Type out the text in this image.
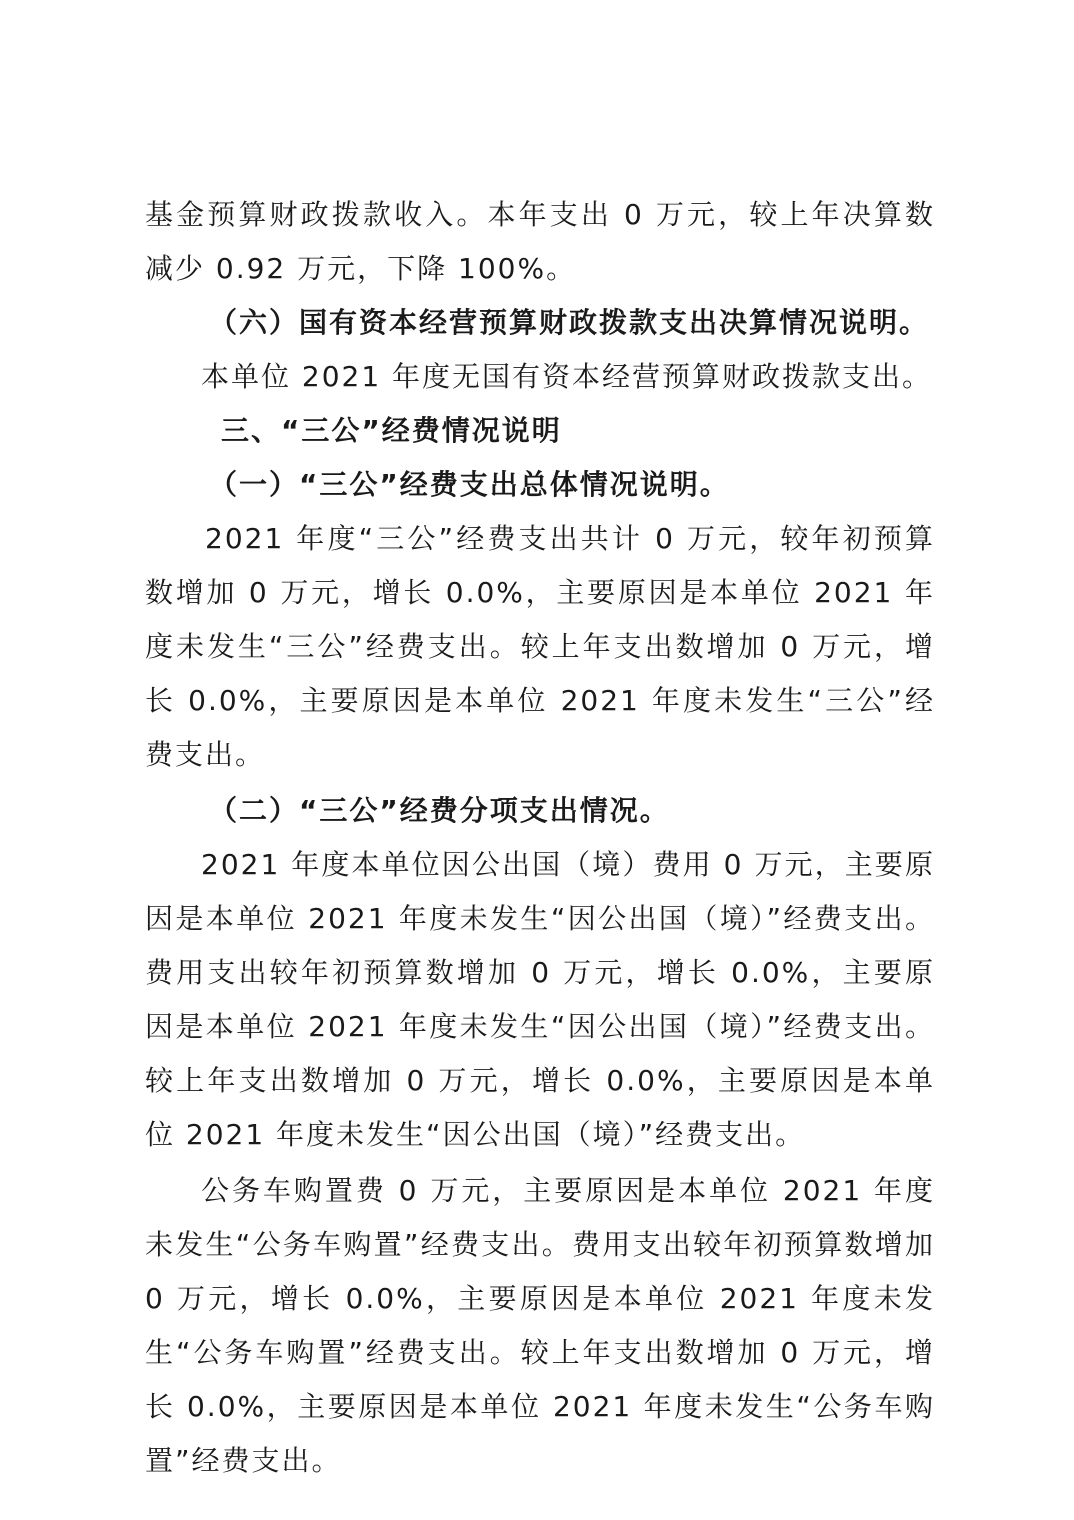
基金预算财政拨款收入。本年支出 0 万元，较上年决算数减少 0.92 万元，下降 100%。

（六）国有资本经营预算财政拨款支出决算情况说明。

本单位 2021 年度无国有资本经营预算财政拨款支出。

三、“三公”经费情况说明

（一）“三公”经费支出总体情况说明。

2021 年度“三公”经费支出共计 0 万元，较年初预算数增加 0 万元，增长 0.0%，主要原因是本单位 2021 年度未发生“三公”经费支出。较上年支出数增加 0 万元，增长 0.0%，主要原因是本单位 2021 年度未发生“三公”经费支出。

（二）“三公”经费分项支出情况。

2021 年度本单位因公出国（境）费用 0 万元，主要原因是本单位 2021 年度未发生“因公出国（境）”经费支出。费用支出较年初预算数增加 0 万元，增长 0.0%，主要原因是本单位 2021 年度未发生“因公出国（境）”经费支出。较上年支出数增加 0 万元，增长 0.0%，主要原因是本单位 2021 年度未发生“因公出国（境）”经费支出。

公务车购置费 0 万元，主要原因是本单位 2021 年度未发生“公务车购置”经费支出。费用支出较年初预算数增加 0 万元，增长 0.0%，主要原因是本单位 2021 年度未发生“公务车购置”经费支出。较上年支出数增加 0 万元，增长 0.0%，主要原因是本单位 2021 年度未发生“公务车购置”经费支出。
